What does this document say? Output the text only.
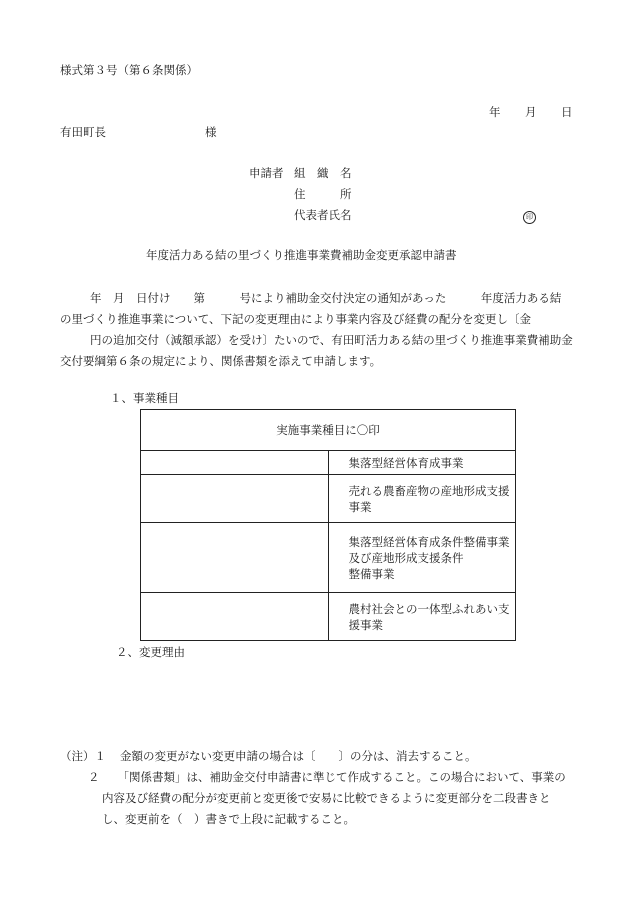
様式第３号（第６条関係）
年 月 日
有田町長	様
申請者 組　織　名
住　　　所
代表者氏名	印
年度活力ある結の里づくり推進事業費補助金変更承認申請書
年　月　日付け　　第　　　号により補助金交付決定の通知があった　　　年度活力ある結
の里づくり推進事業について、下記の変更理由により事業内容及び経費の配分を変更し〔金
円の追加交付（減額承認）を受け〕たいので、有田町活力ある結の里づくり推進事業費補助金
交付要綱第６条の規定により、関係書類を添えて申請します。
１、事業種目
実施事業種目に〇印	
	集落型経営体育成事業
	売れる農畜産物の産地形成支援事業

	集落型経営体育成条件整備事業及び産地形成支援条件
整備事業

	農村社会との一体型ふれあい支援事業
２、変更理由
（注）１ 金額の変更がない変更申請の場合は〔　　〕の分は、消去すること。
２ 「関係書類」は、補助金交付申請書に準じて作成すること。この場合において、事業の
内容及び経費の配分が変更前と変更後で安易に比較できるように変更部分を二段書きと
し、変更前を（　）書きで上段に記載すること。
